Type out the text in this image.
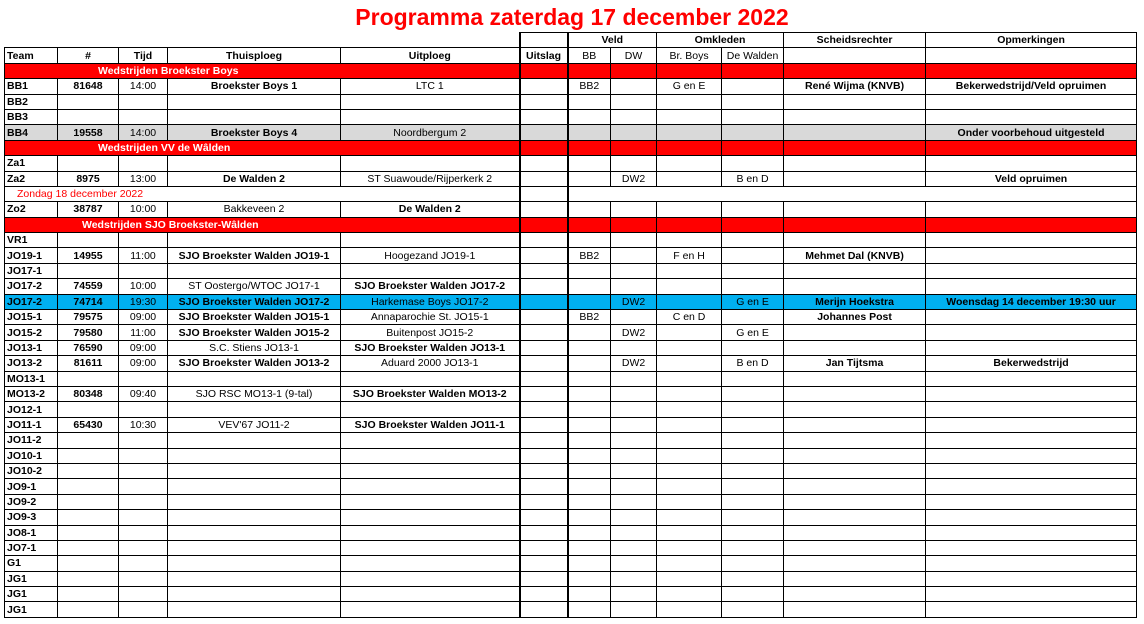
Programma zaterdag 17 december 2022
						Veld		Omkleden		Scheidsrechter	Opmerkingen
Team	#	Tijd	Thuisploeg	Uitploeg	Uitslag	BB	DW	Br. Boys	De Walden		
Wedstrijden Broekster Boys											
BB1	81648	14:00	Broekster Boys 1	LTC 1		BB2		G en E		René Wijma (KNVB)	Bekerwedstrijd/Veld opruimen
BB2											
BB3											
BB4	19558	14:00	Broekster Boys 4	Noordbergum 2							Onder voorbehoud uitgesteld
Wedstrijden VV de Wâlden											
Za1											
Za2	8975	13:00	De Walden 2	ST Suawoude/Rijperkerk 2			DW2		B en D		Veld opruimen
Zondag 18 december 2022											
Zo2	38787	10:00	Bakkeveen 2	De Walden 2							
Wedstrijden SJO Broekster-Wâlden											
VR1											
JO19-1	14955	11:00	SJO Broekster Walden JO19-1	Hoogezand JO19-1		BB2		F en H		Mehmet Dal (KNVB)	
JO17-1											
JO17-2	74559	10:00	ST Oostergo/WTOC JO17-1	SJO Broekster Walden JO17-2							
JO17-2	74714	19:30	SJO Broekster Walden JO17-2	Harkemase Boys JO17-2			DW2		G en E	Merijn Hoekstra	Woensdag 14 december 19:30 uur
JO15-1	79575	09:00	SJO Broekster Walden JO15-1	Annaparochie St. JO15-1		BB2		C en D		Johannes Post	
JO15-2	79580	11:00	SJO Broekster Walden JO15-2	Buitenpost JO15-2			DW2		G en E		
JO13-1	76590	09:00	S.C. Stiens JO13-1	SJO Broekster Walden JO13-1							
JO13-2	81611	09:00	SJO Broekster Walden JO13-2	Aduard 2000 JO13-1			DW2		B en D	Jan Tijtsma	Bekerwedstrijd
MO13-1											
MO13-2	80348	09:40	SJO RSC MO13-1 (9-tal)	SJO Broekster Walden MO13-2							
JO12-1											
JO11-1	65430	10:30	VEV'67 JO11-2	SJO Broekster Walden JO11-1							
JO11-2											
JO10-1											
JO10-2											
JO9-1											
JO9-2											
JO9-3											
JO8-1											
JO7-1											
G1											
JG1											
JG1											
JG1											
